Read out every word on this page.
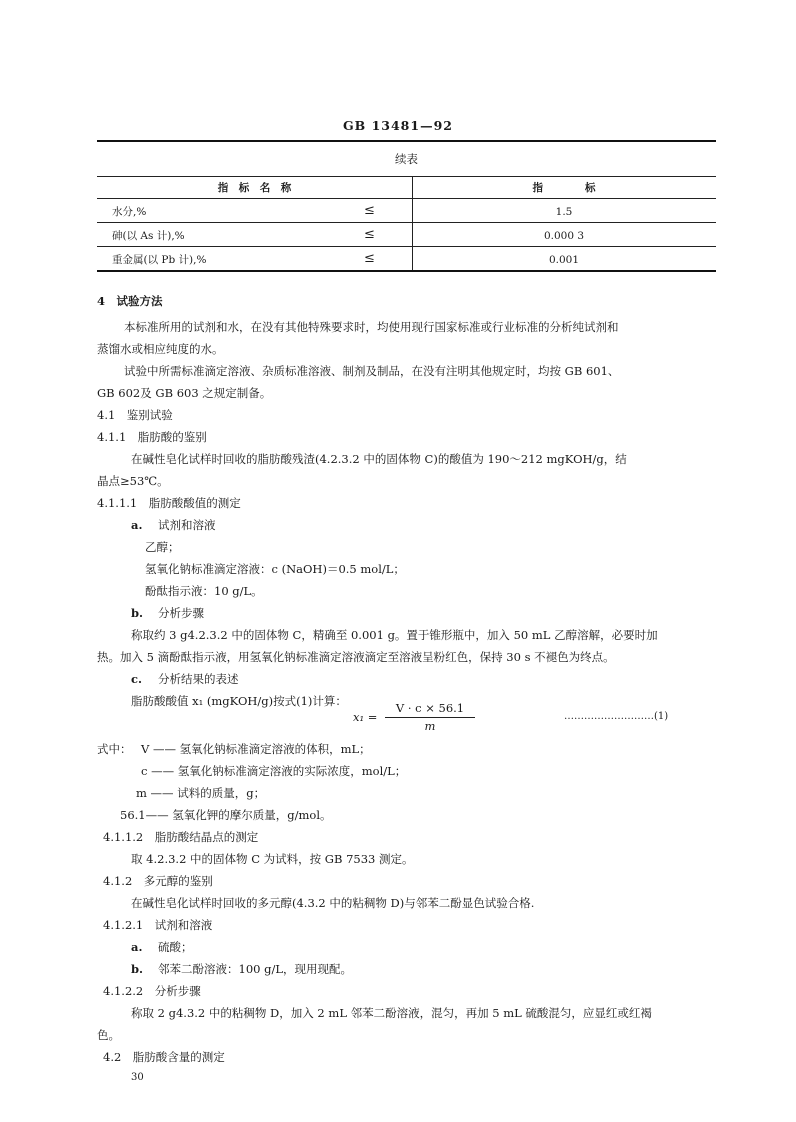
GB 13481—92
续表
指　标　名　称	指　　　　标
水分,%	≤	1.5
砷(以 As 计),%	≤	0.000 3
重金属(以 Pb 计),%	≤	0.001
4　试验方法
本标准所用的试剂和水，在没有其他特殊要求时，均使用现行国家标准或行业标准的分析纯试剂和
蒸馏水或相应纯度的水。
试验中所需标准滴定溶液、杂质标准溶液、制剂及制品，在没有注明其他规定时，均按 GB 601、
GB 602及 GB 603 之规定制备。
4.1　鉴别试验
4.1.1　脂肪酸的鉴别
在碱性皂化试样时回收的脂肪酸残渣(4.2.3.2 中的固体物 C)的酸值为 190～212 mgKOH/g，结
晶点≥53℃。
4.1.1.1　脂肪酸酸值的测定
a. 试剂和溶液
乙醇；
氢氧化钠标准滴定溶液：c (NaOH)＝0.5 mol/L；
酚酞指示液：10 g/L。
b. 分析步骤
称取约 3 g4.2.3.2 中的固体物 C，精确至 0.001 g。置于锥形瓶中，加入 50 mL 乙醇溶解，必要时加
热。加入 5 滴酚酞指示液，用氢氧化钠标准滴定溶液滴定至溶液呈粉红色，保持 30 s 不褪色为终点。
c. 分析结果的表述
脂肪酸酸值 x₁ (mgKOH/g)按式(1)计算：
x₁ =
V · c × 56.1
m
………………………(1)
式中： V —— 氢氧化钠标准滴定溶液的体积，mL；
c —— 氢氧化钠标准滴定溶液的实际浓度，mol/L；
m —— 试料的质量，g；
56.1—— 氢氧化钾的摩尔质量，g/mol。
4.1.1.2　脂肪酸结晶点的测定
取 4.2.3.2 中的固体物 C 为试料，按 GB 7533 测定。
4.1.2　多元醇的鉴别
在碱性皂化试样时回收的多元醇(4.3.2 中的粘稠物 D)与邻苯二酚显色试验合格.
4.1.2.1　试剂和溶液
a. 硫酸；
b. 邻苯二酚溶液：100 g/L，现用现配。
4.1.2.2　分析步骤
称取 2 g4.3.2 中的粘稠物 D，加入 2 mL 邻苯二酚溶液，混匀，再加 5 mL 硫酸混匀，应显红或红褐
色。
4.2　脂肪酸含量的测定
30
